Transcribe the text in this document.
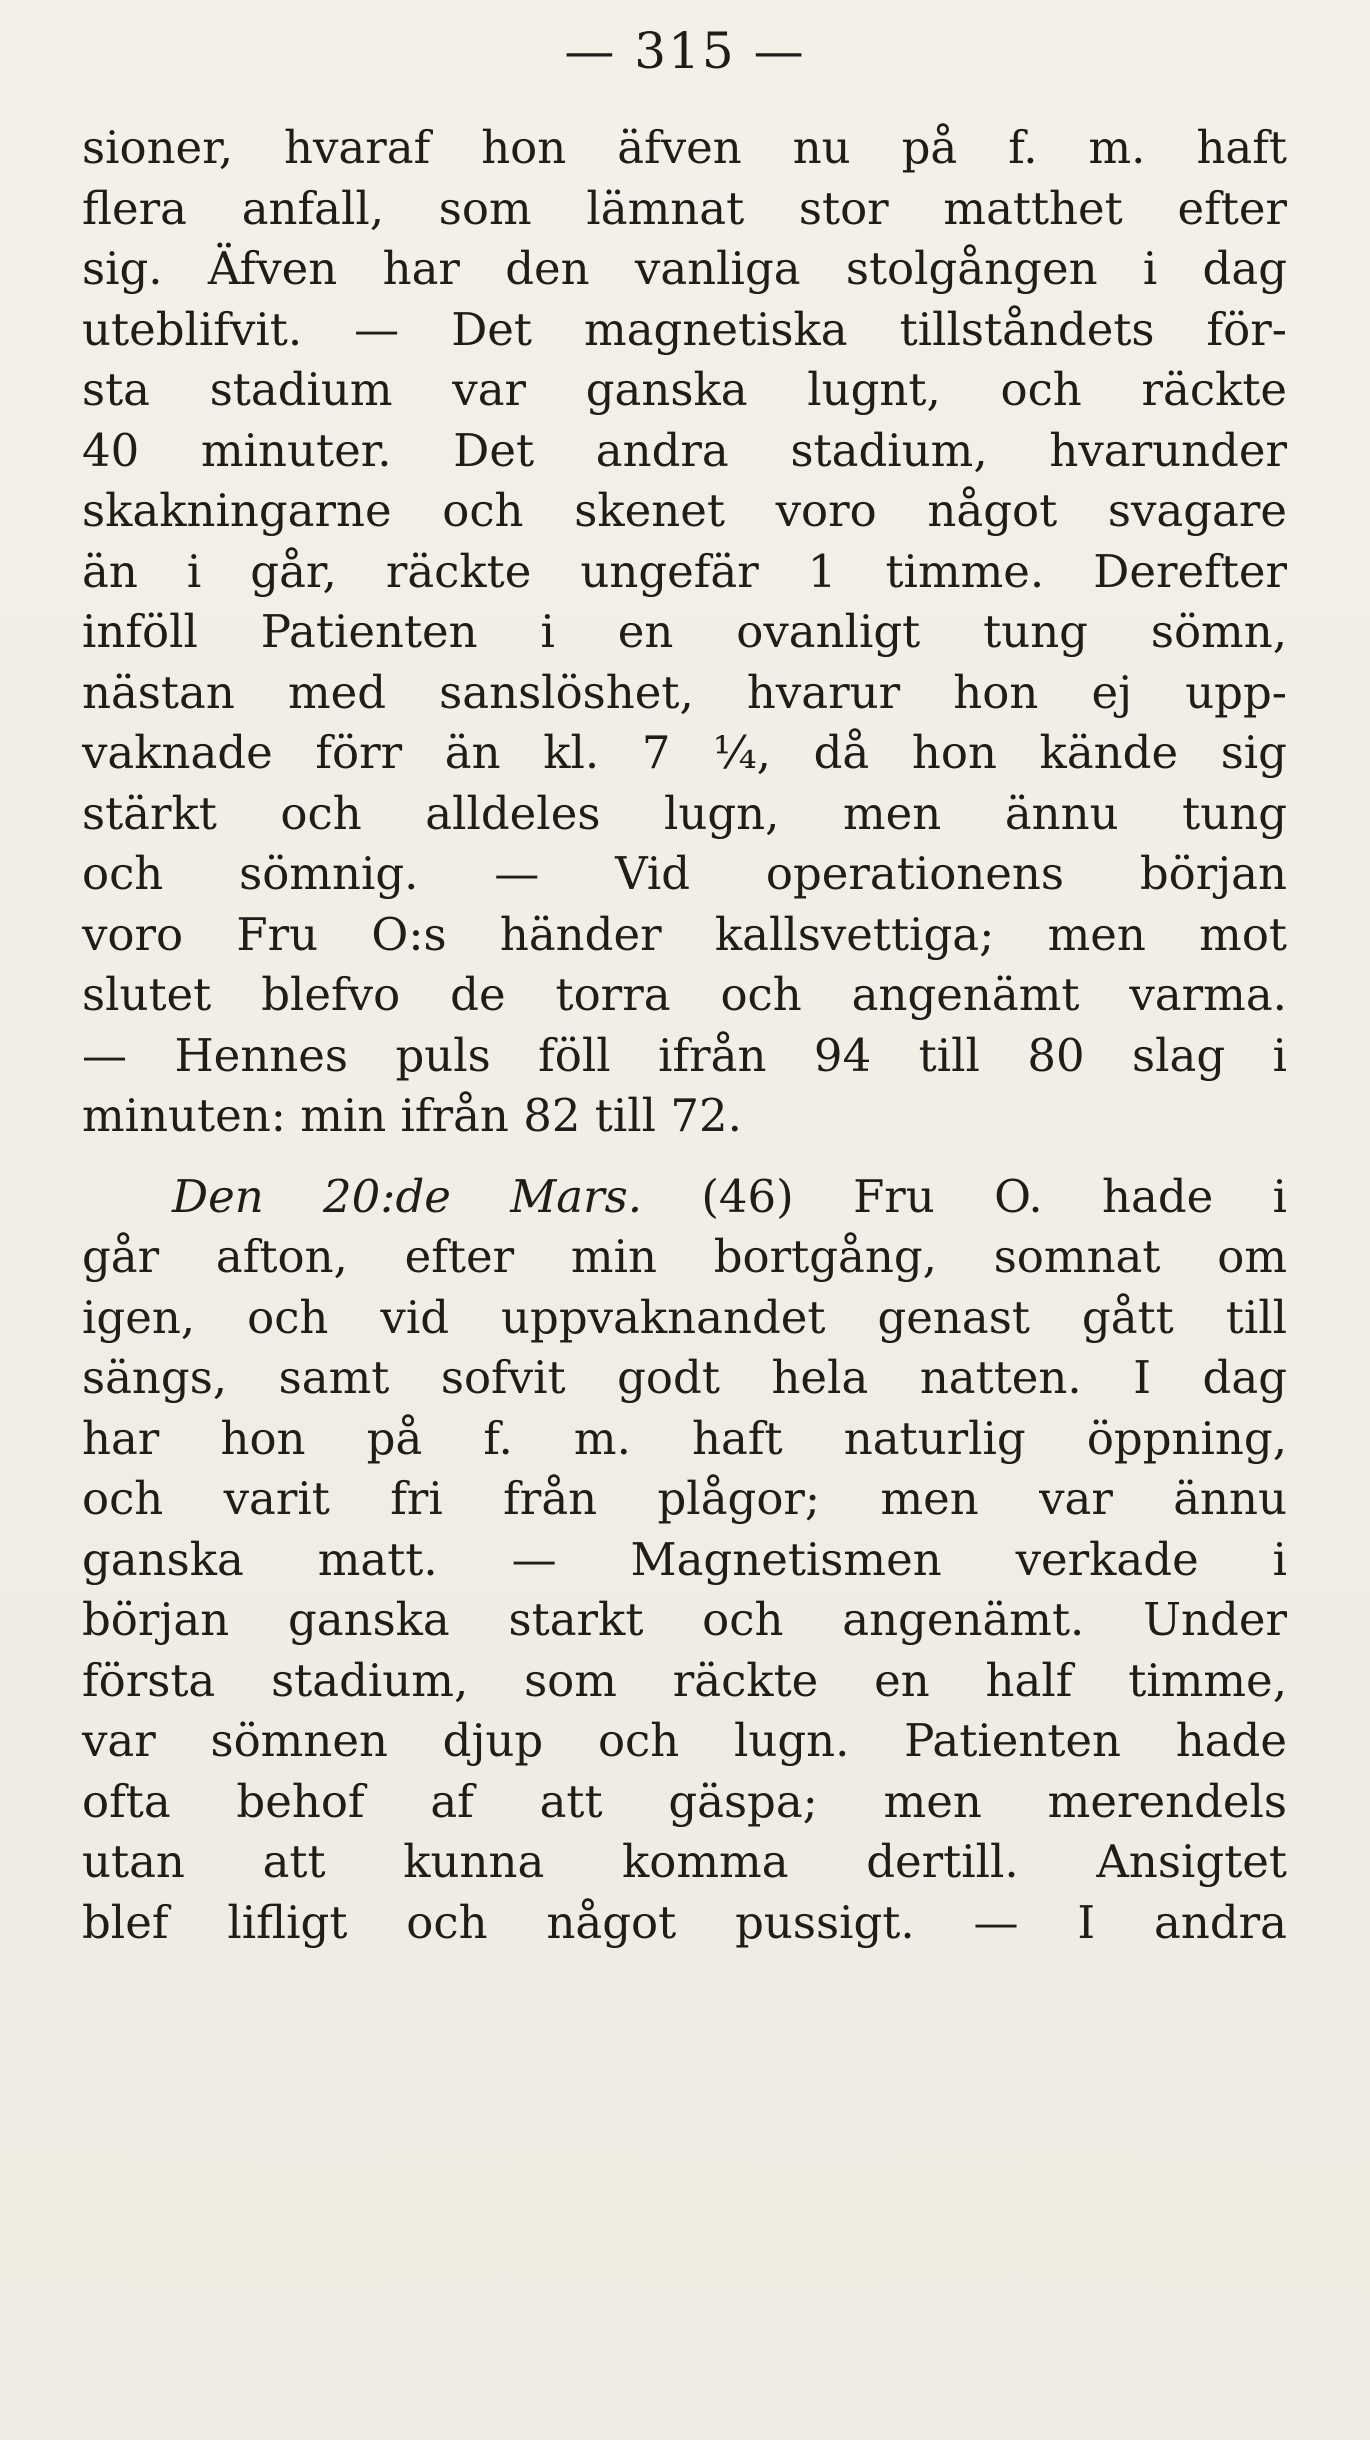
— 315 —
sioner, hvaraf hon äfven nu på f. m. haft
flera anfall, som lämnat stor matthet efter
sig. Äfven har den vanliga stolgången i dag
uteblifvit. — Det magnetiska tillståndets för-
sta stadium var ganska lugnt, och räckte
40 minuter. Det andra stadium, hvarunder
skakningarne och skenet voro något svagare
än i går, räckte ungefär 1 timme. Derefter
inföll Patienten i en ovanligt tung sömn,
nästan med sanslöshet, hvarur hon ej upp-
vaknade förr än kl. 7 ¼, då hon kände sig
stärkt och alldeles lugn, men ännu tung
och sömnig. — Vid operationens början
voro Fru O:s händer kallsvettiga; men mot
slutet blefvo de torra och angenämt varma.
— Hennes puls föll ifrån 94 till 80 slag i
minuten: min ifrån 82 till 72.
Den 20:de Mars. (46) Fru O. hade i
går afton, efter min bortgång, somnat om
igen, och vid uppvaknandet genast gått till
sängs, samt sofvit godt hela natten. I dag
har hon på f. m. haft naturlig öppning,
och varit fri från plågor; men var ännu
ganska matt. — Magnetismen verkade i
början ganska starkt och angenämt. Under
första stadium, som räckte en half timme,
var sömnen djup och lugn. Patienten hade
ofta behof af att gäspa; men merendels
utan att kunna komma dertill. Ansigtet
blef lifligt och något pussigt. — I andra
